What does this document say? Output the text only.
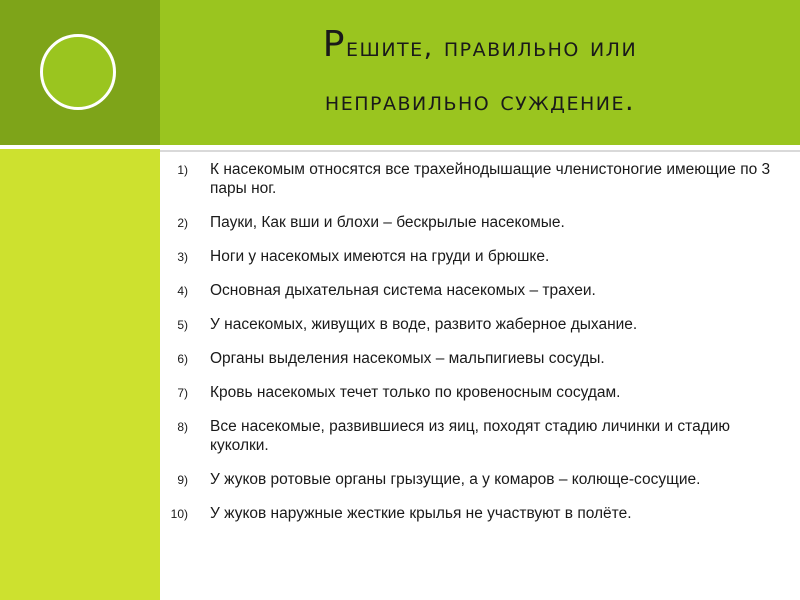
Решите, правильно или
неправильно суждение.
1) К насекомым относятся все трахейнодышащие членистоногие имеющие по 3 пары ног.
2) Пауки, Как вши и блохи – бескрылые насекомые.
3) Ноги у насекомых имеются на груди и брюшке.
4) Основная дыхательная система насекомых – трахеи.
5) У насекомых, живущих в воде, развито жаберное дыхание.
6) Органы выделения насекомых – мальпигиевы сосуды.
7) Кровь насекомых течет только по кровеносным сосудам.
8) Все насекомые, развившиеся из яиц, походят стадию личинки и стадию куколки.
9) У жуков ротовые органы грызущие, а у комаров – колюще-сосущие.
10) У жуков наружные жесткие крылья не участвуют в полёте.
